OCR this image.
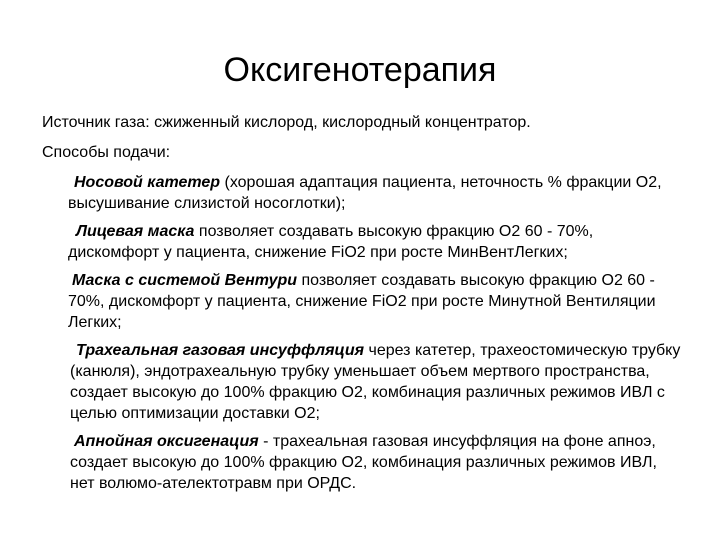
Оксигенотерапия

Источник газа: сжиженный кислород, кислородный концентратор.

Способы подачи:

Носовой катетер (хорошая адаптация пациента, неточность % фракции О2, высушивание слизистой носоглотки);

Лицевая маска позволяет создавать высокую фракцию О2 60 - 70%, дискомфорт у пациента, снижение FiO2 при росте МинВентЛегких;

Маска с системой Вентури позволяет создавать высокую фракцию О2 60 - 70%, дискомфорт у пациента, снижение FiO2 при росте Минутной Вентиляции Легких;

Трахеальная газовая инсуффляция через катетер, трахеостомическую трубку (канюля), эндотрахеальную трубку уменьшает объем мертвого пространства, создает высокую до 100% фракцию О2, комбинация различных режимов ИВЛ с целью оптимизации доставки О2;

Апнойная оксигенация - трахеальная газовая инсуффляция на фоне апноэ, создает высокую до 100% фракцию О2, комбинация различных режимов ИВЛ, нет волюмо-ателектотравм при ОРДС.
